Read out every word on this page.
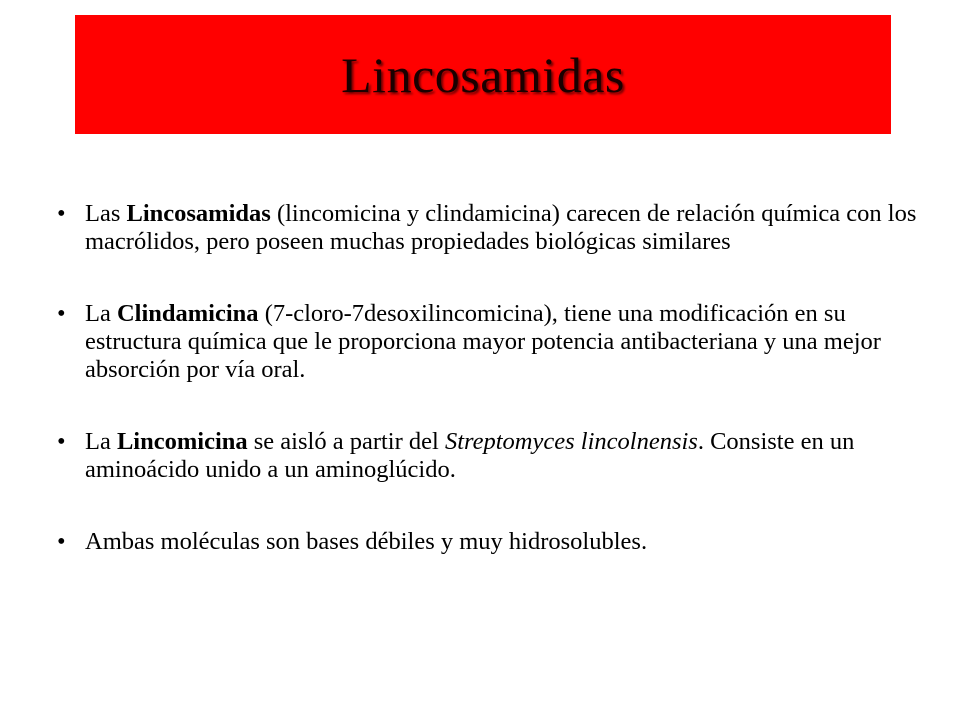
Lincosamidas
• Las Lincosamidas (lincomicina y clindamicina) carecen de relación química con los macrólidos, pero poseen muchas propiedades biológicas similares
• La Clindamicina (7-cloro-7desoxilincomicina), tiene una modificación en su estructura química que le proporciona mayor potencia antibacteriana y una mejor absorción por vía oral.
• La Lincomicina se aisló a partir del Streptomyces lincolnensis. Consiste en un aminoácido unido a un aminoglúcido.
• Ambas moléculas son bases débiles y muy hidrosolubles.
